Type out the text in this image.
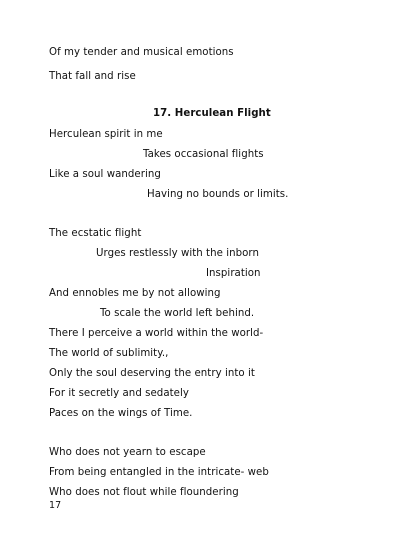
Of my tender and musical emotions
That fall and rise
17. Herculean Flight
Herculean spirit in me
Takes occasional flights
Like a soul wandering
Having no bounds or limits.
The ecstatic flight
Urges restlessly with the inborn
Inspiration
And ennobles me by not allowing
To scale the world left behind.
There I perceive a world within the world-
The world of sublimity.,
Only the soul deserving the entry into it
For it secretly and sedately
Paces on the wings of Time.
Who does not yearn to escape
From being entangled in the intricate- web
Who does not flout while floundering
17
